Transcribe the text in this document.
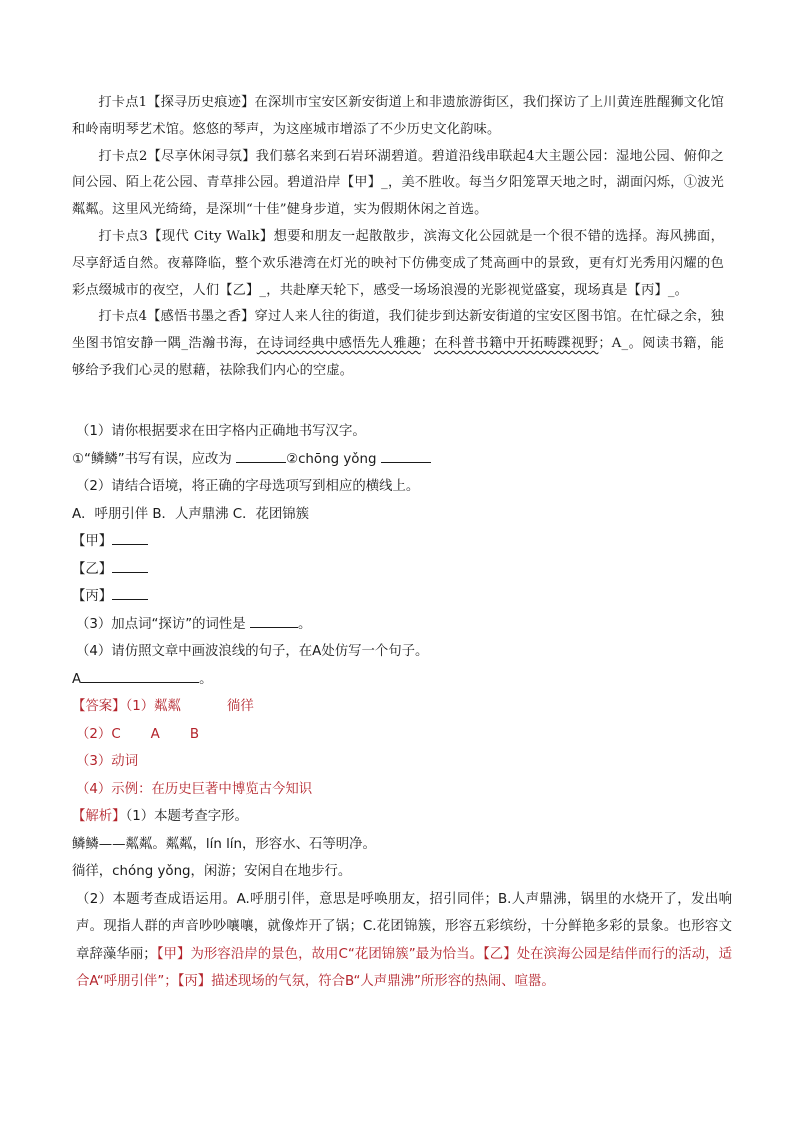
打卡点1【探寻历史痕迹】在深圳市宝安区新安街道上和非遗旅游街区，我们探访了上川黄连胜醒狮文化馆和岭南明琴艺术馆。悠悠的琴声，为这座城市增添了不少历史文化韵味。

打卡点2【尽享休闲寻氛】我们慕名来到石岩环湖碧道。碧道沿线串联起4大主题公园：湿地公园、俯仰之间公园、陌上花公园、青草排公园。碧道沿岸【甲】_，美不胜收。每当夕阳笼罩天地之时，湖面闪烁，①波光粼粼。这里风光绮绮，是深圳“十佳”健身步道，实为假期休闲之首选。

打卡点3【现代 City Walk】想要和朋友一起散散步，滨海文化公园就是一个很不错的选择。海风拂面，尽享舒适自然。夜幕降临，整个欢乐港湾在灯光的映衬下仿佛变成了梵高画中的景致，更有灯光秀用闪耀的色彩点缀城市的夜空，人们【乙】_，共赴摩天轮下，感受一场场浪漫的光影视觉盛宴，现场真是【丙】_。

打卡点4【感悟书墨之香】穿过人来人往的街道，我们徒步到达新安街道的宝安区图书馆。在忙碌之余，独坐图书馆安静一隅_浩瀚书海，在诗词经典中感悟先人雅趣；在科普书籍中开拓畴蹀视野；A_。阅读书籍，能够给予我们心灵的慰藉，祛除我们内心的空虚。

（1）请你根据要求在田字格内正确地书写汉字。
①“鳞鳞”书写有误，应改为	②chōng yǒng
（2）请结合语境，将正确的字母选项写到相应的横线上。
A．呼朋引伴 B．人声鼎沸 C．花团锦簇
【甲】
【乙】
【丙】
（3）加点词“探访”的词性是	。
（4）请仿照文章中画波浪线的句子，在A处仿写一个句子。
A	。
【答案】（1）粼粼	徜徉
（2）C A B
（3）动词
（4）示例：在历史巨著中博览古今知识
【解析】（1）本题考查字形。
鳞鳞——粼粼。粼粼，lín lín，形容水、石等明净。
徜徉，chóng yǒng，闲游；安闲自在地步行。
（2）本题考查成语运用。A.呼朋引伴，意思是呼唤朋友，招引同伴；B.人声鼎沸，锅里的水烧开了，发出响声。现指人群的声音吵吵嚷嚷，就像炸开了锅；C.花团锦簇，形容五彩缤纷，十分鲜艳多彩的景象。也形容文章辞藻华丽；【甲】为形容沿岸的景色，故用C“花团锦簇”最为恰当。【乙】处在滨海公园是结伴而行的活动，适合A“呼朋引伴”；【丙】描述现场的气氛，符合B“人声鼎沸”所形容的热闹、喧嚣。
